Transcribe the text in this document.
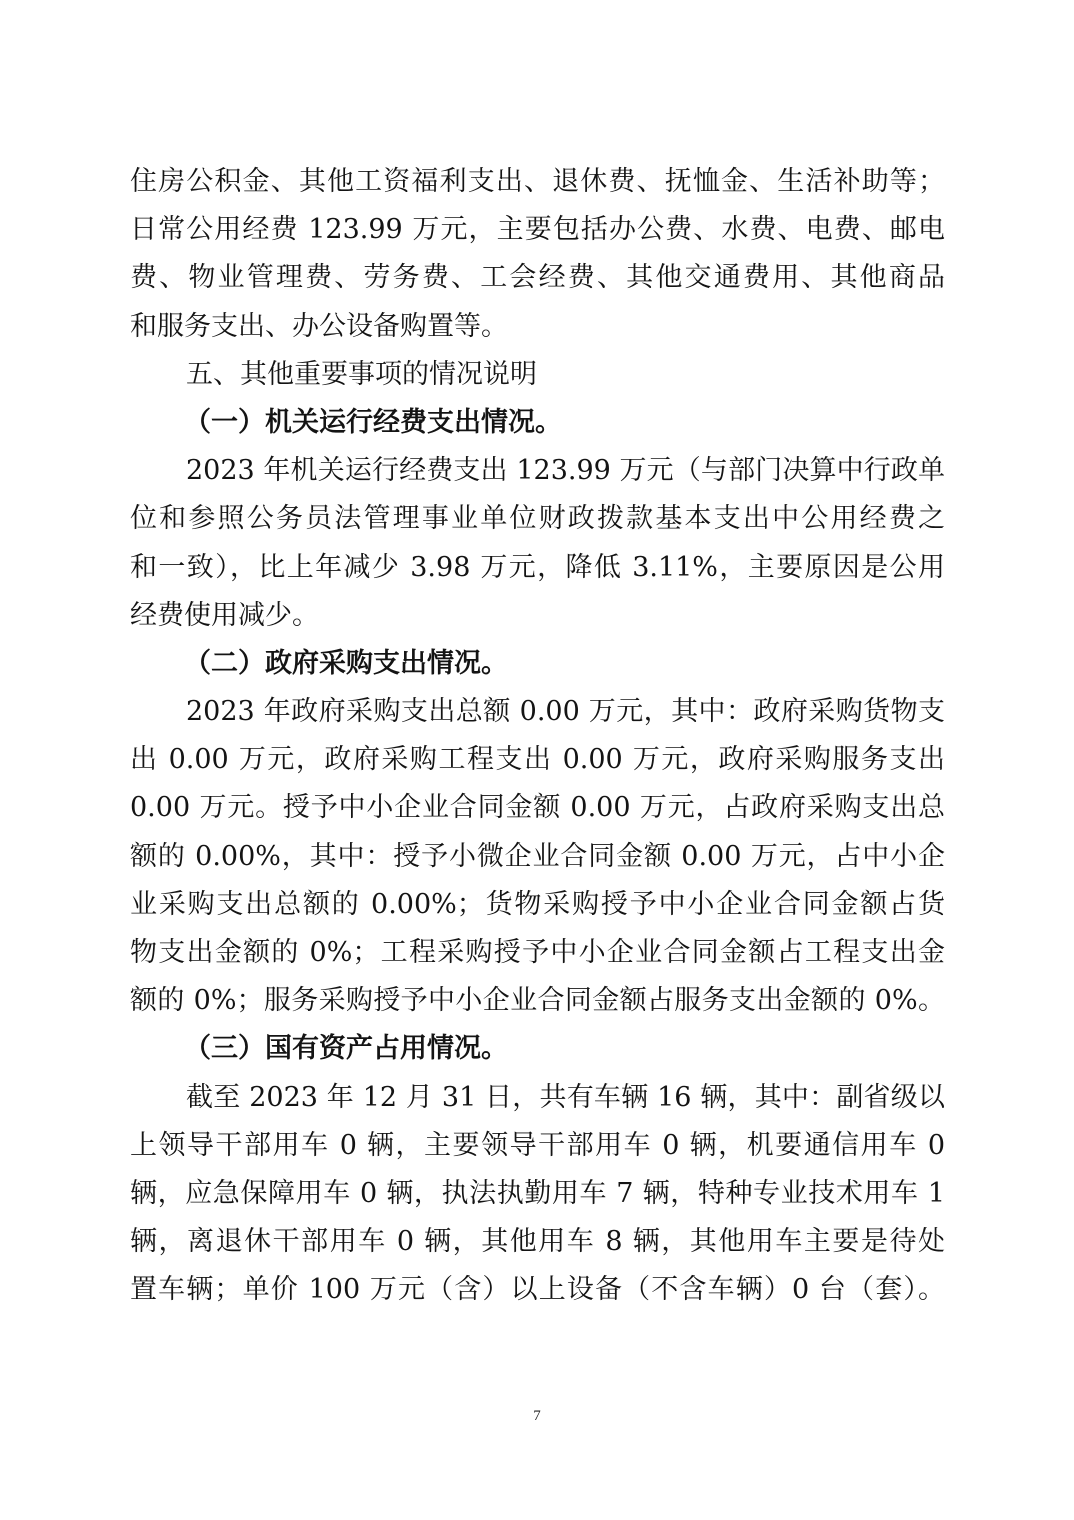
住房公积金、其他工资福利支出、退休费、抚恤金、生活补助等；
日常公用经费 123.99 万元，主要包括办公费、水费、电费、邮电
费、物业管理费、劳务费、工会经费、其他交通费用、其他商品
和服务支出、办公设备购置等。
五、其他重要事项的情况说明
（一）机关运行经费支出情况。
2023 年机关运行经费支出 123.99 万元（与部门决算中行政单
位和参照公务员法管理事业单位财政拨款基本支出中公用经费之
和一致），比上年减少 3.98 万元，降低 3.11%，主要原因是公用
经费使用减少。
（二）政府采购支出情况。
2023 年政府采购支出总额 0.00 万元，其中：政府采购货物支
出 0.00 万元，政府采购工程支出 0.00 万元，政府采购服务支出
0.00 万元。授予中小企业合同金额 0.00 万元，占政府采购支出总
额的 0.00%，其中：授予小微企业合同金额 0.00 万元，占中小企
业采购支出总额的 0.00%；货物采购授予中小企业合同金额占货
物支出金额的 0%；工程采购授予中小企业合同金额占工程支出金
额的 0%；服务采购授予中小企业合同金额占服务支出金额的 0%。
（三）国有资产占用情况。
截至 2023 年 12 月 31 日，共有车辆 16 辆，其中：副省级以
上领导干部用车 0 辆，主要领导干部用车 0 辆，机要通信用车 0
辆，应急保障用车 0 辆，执法执勤用车 7 辆，特种专业技术用车 1
辆，离退休干部用车 0 辆，其他用车 8 辆，其他用车主要是待处
置车辆；单价 100 万元（含）以上设备（不含车辆）0 台（套）。
7
